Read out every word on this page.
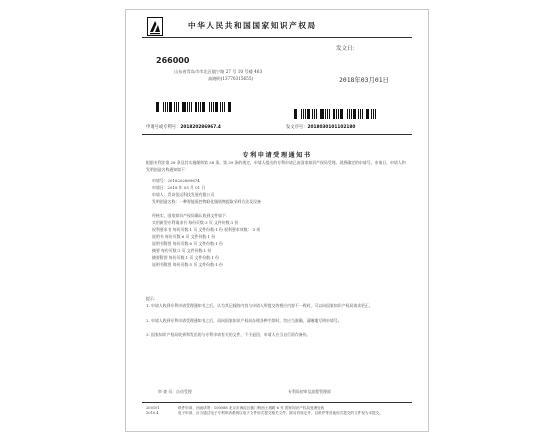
中华人民共和国国家知识产权局
266000
山东省青岛市市北区镇宁路 27 号 10 号楼 403
高晓明(13770315655)
发文日：
2018年03月01日
申请号或专利号：201820286967.4	发文序号：2018030101102180
专利申请受理通知书
根据专利法第 28 条及其实施细则第 38 条、第 39 条的规定，申请人提出的专利申请已由国家知识产权局受理。现将确定的申请号、申请日、申请人和发明创造名称通知如下：
申请号：2018202869674
申请日：2018 年 03 月 01 日
申请人：青岛恒远科技发展有限公司
发明创造名称：一种智能质控物联化脂肪物提取采样方法及设备
经核实，国家知识产权局确认收到文件如下：
实用新型专利请求书 每份页数:3 页 文件份数:1 份
权利要求书 每份页数:1 页 文件份数:1 份 权利要求项数： 3 项
说明书 每份页数:6 页 文件份数:1 份
说明书附图 每份页数:6 页 文件份数:1 份
摘要 每份页数:1 页 文件份数:1 份
摘要附图 每份页数:1 页 文件份数:1 份
说明书附图 每份页数:5 页 文件份数:1 份
提示：
1. 申请人收到专利申请受理通知书之后，认为其记载的内容与申请人所提交的相应内容不一致时，可以向国家知识产权局请求更正。
2. 申请人收到专利申请受理通知书之后，再向国家知识产权局办理各种手续时，均应当准确、清晰地写明申请号。
3. 国家知识产权局收到和发出的与专利申请有关的文件，不予退回，申请人应当自行留存备份。
审 查 员：自动受理	专利局初审及流程管理部
200101
2010.4
纸件申请，回函请寄：100088 北京市海淀区蓟门桥西土城路 6 号 国家知识产权局受理处收
电子申请，应当通过电子专利申请系统以电子文件形式提交相关文件。除另有规定外，以纸件等其他形式提交的文件视为未提交。
